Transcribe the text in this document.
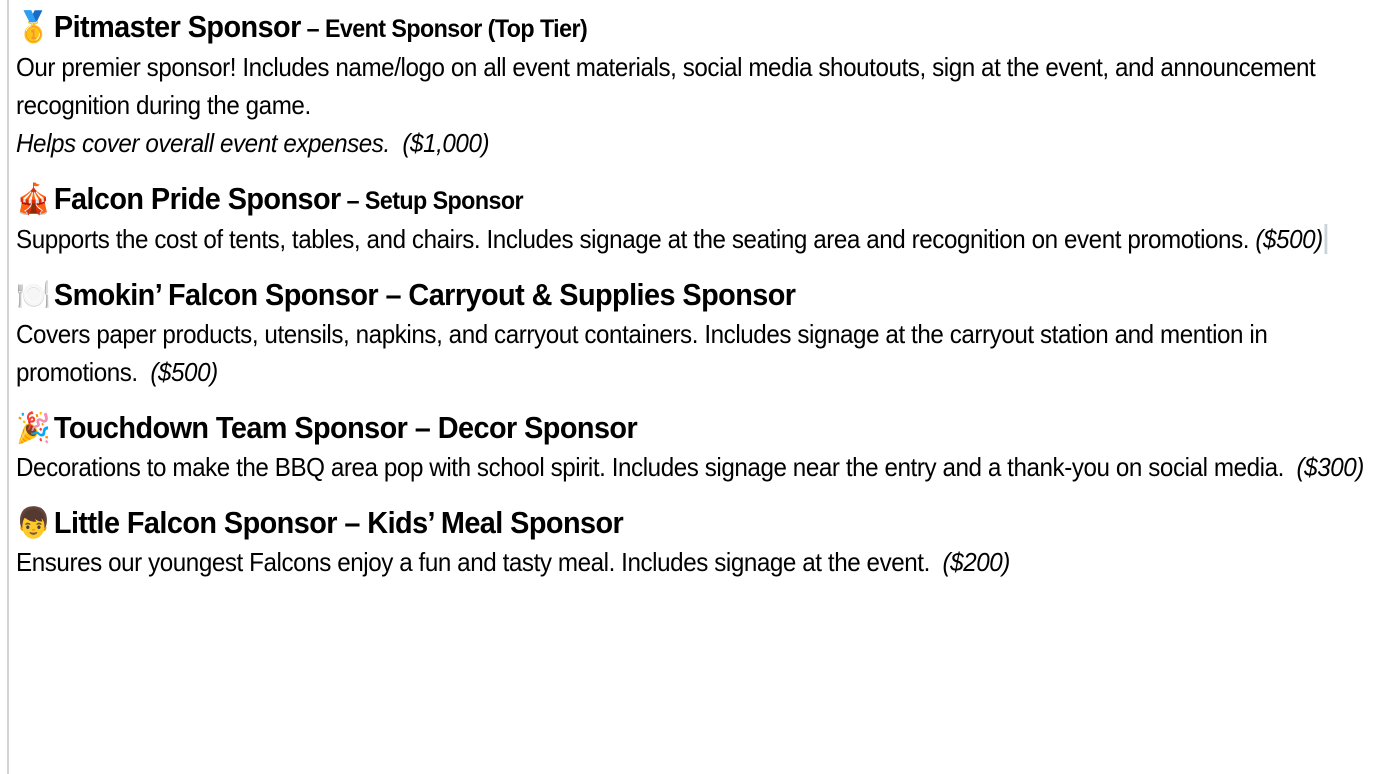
🥇 Pitmaster Sponsor – Event Sponsor (Top Tier)
Our premier sponsor! Includes name/logo on all event materials, social media shoutouts, sign at the event, and announcement recognition during the game.
Helps cover overall event expenses. ($1,000)
🎪 Falcon Pride Sponsor – Setup Sponsor
Supports the cost of tents, tables, and chairs. Includes signage at the seating area and recognition on event promotions. ($500)
🍽️ Smokin’ Falcon Sponsor – Carryout & Supplies Sponsor
Covers paper products, utensils, napkins, and carryout containers. Includes signage at the carryout station and mention in promotions. ($500)
🎉 Touchdown Team Sponsor – Decor Sponsor
Decorations to make the BBQ area pop with school spirit. Includes signage near the entry and a thank-you on social media. ($300)
👦 Little Falcon Sponsor – Kids’ Meal Sponsor
Ensures our youngest Falcons enjoy a fun and tasty meal. Includes signage at the event. ($200)
